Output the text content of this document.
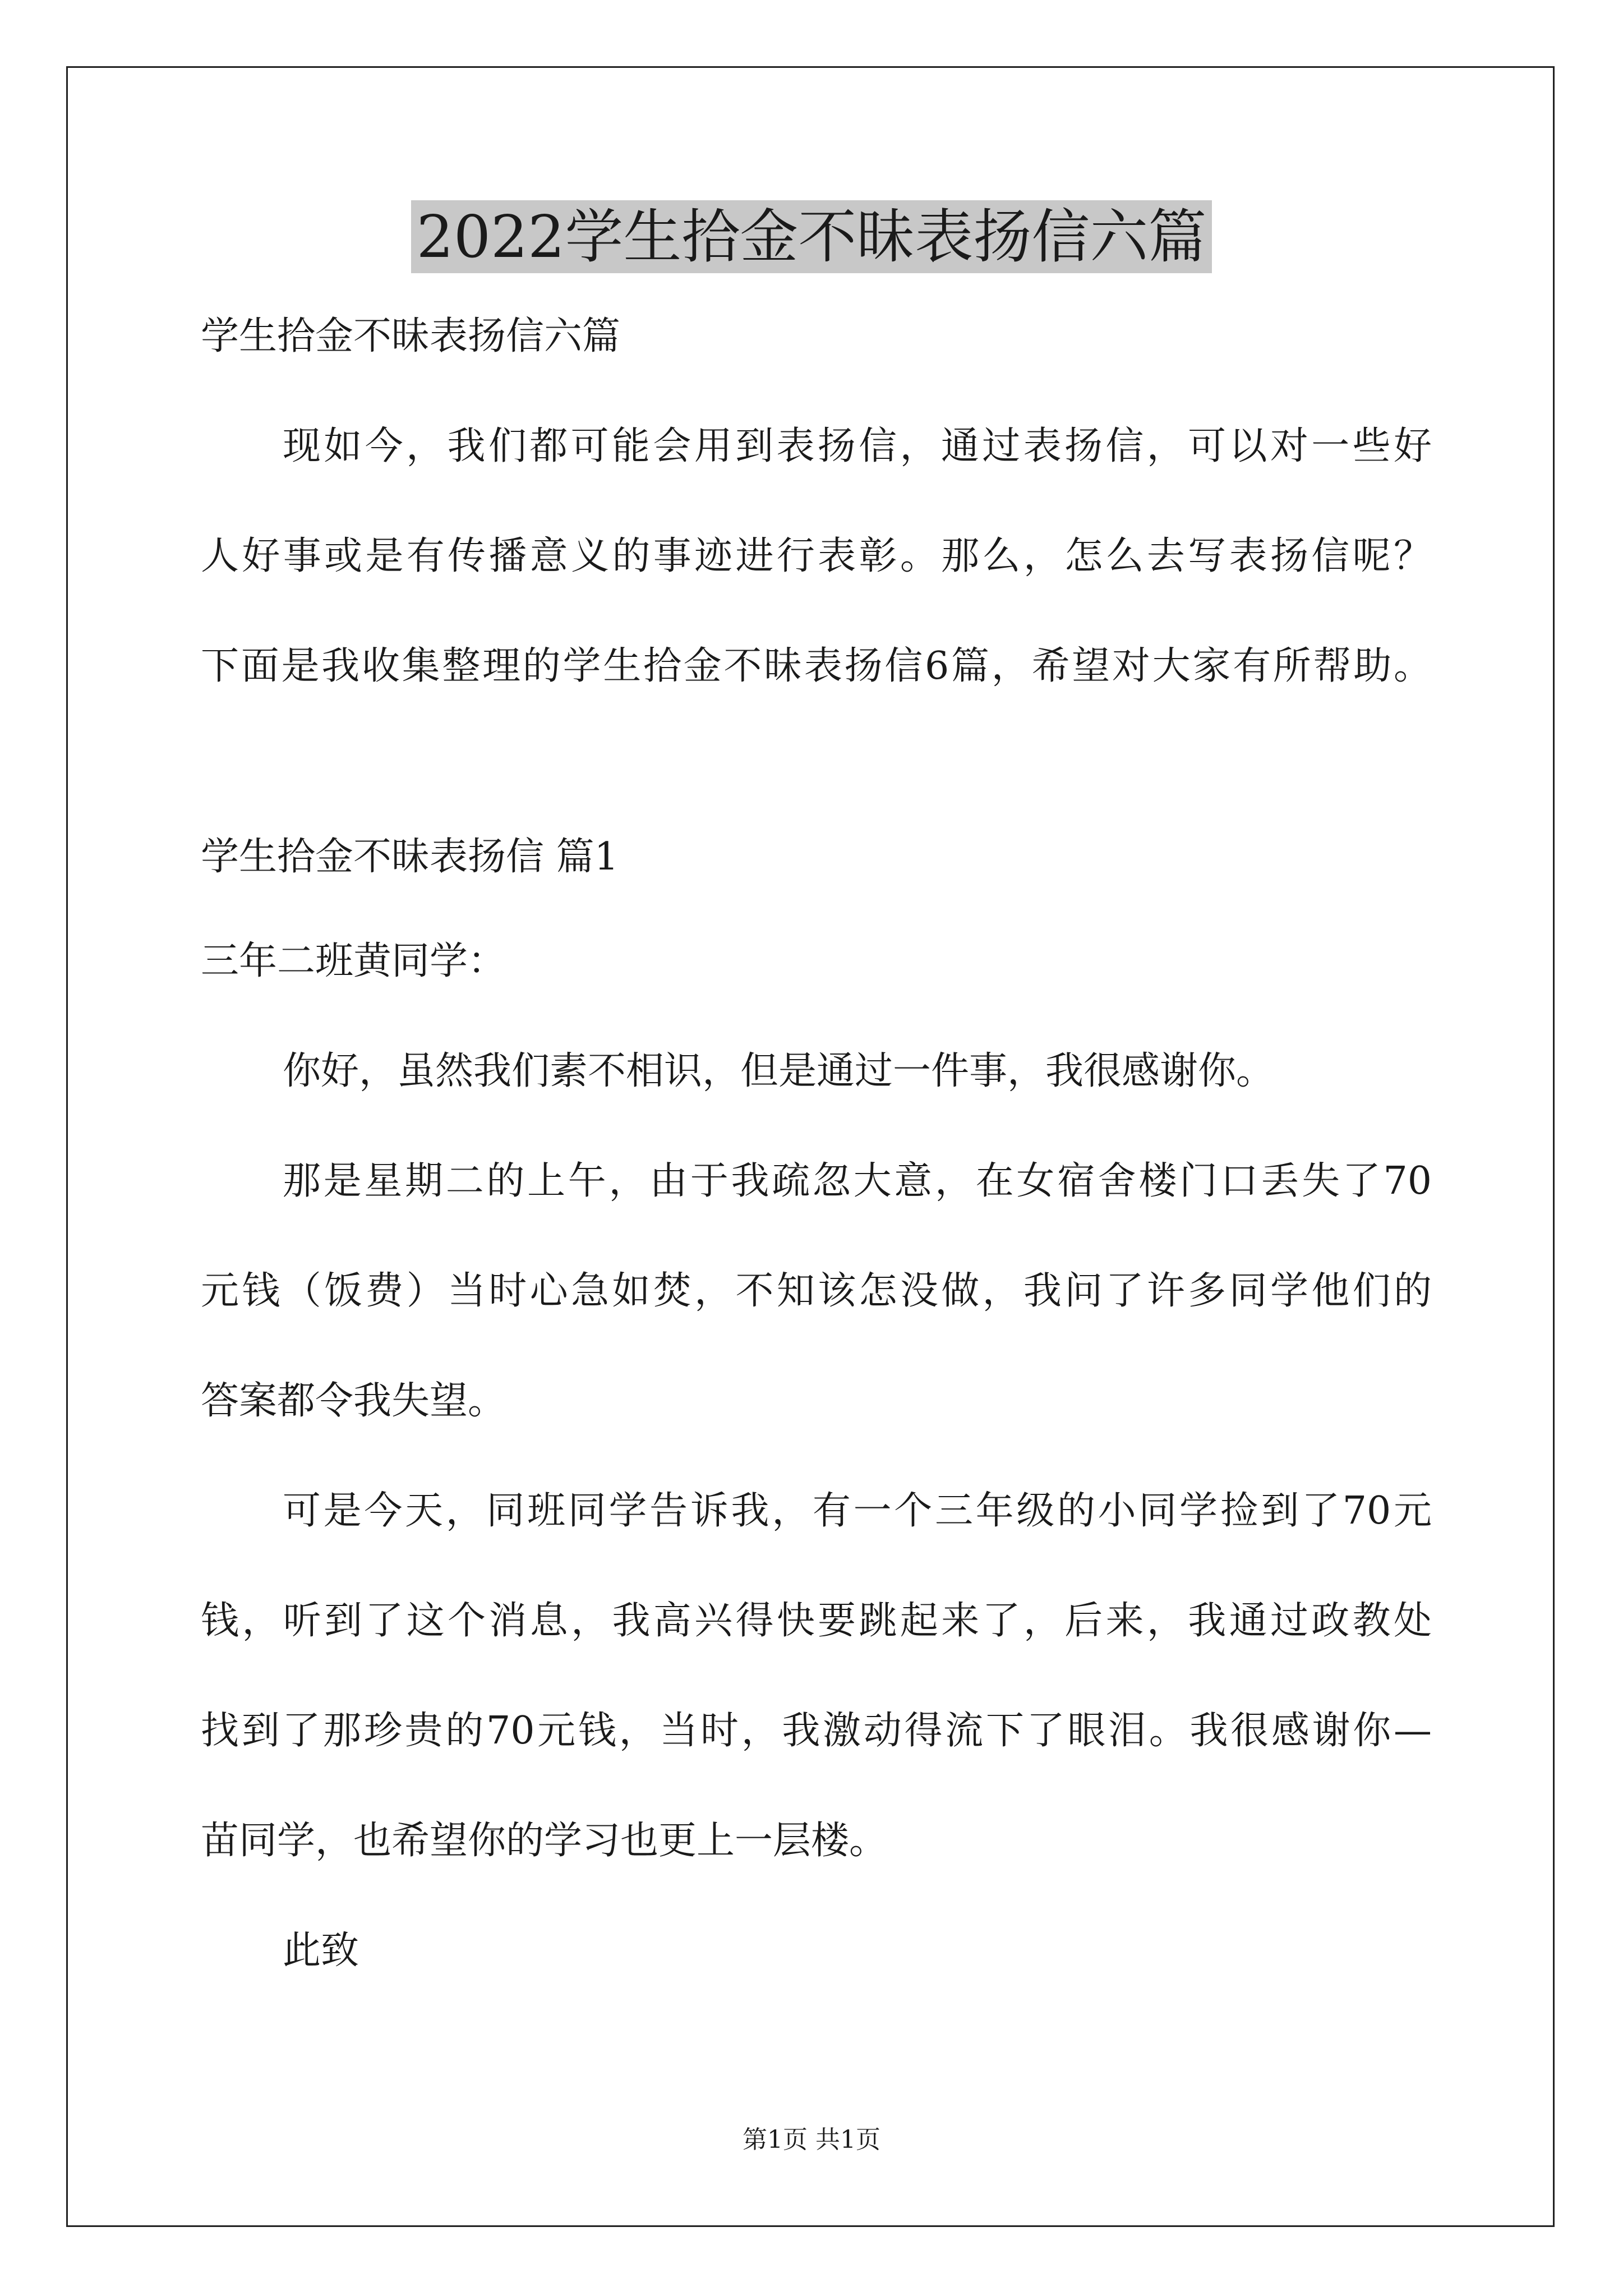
2022学生拾金不昧表扬信六篇

学生拾金不昧表扬信六篇

现如今，我们都可能会用到表扬信，通过表扬信，可以对一些好

人好事或是有传播意义的事迹进行表彰。那么，怎么去写表扬信呢？

下面是我收集整理的学生拾金不昧表扬信6篇，希望对大家有所帮助。

学生拾金不昧表扬信 篇1

三年二班黄同学：

你好，虽然我们素不相识，但是通过一件事，我很感谢你。

那是星期二的上午，由于我疏忽大意，在女宿舍楼门口丢失了70

元钱（饭费）当时心急如焚，不知该怎没做，我问了许多同学他们的

答案都令我失望。

可是今天，同班同学告诉我，有一个三年级的小同学捡到了70元

钱，听到了这个消息，我高兴得快要跳起来了，后来，我通过政教处

找到了那珍贵的70元钱，当时，我激动得流下了眼泪。我很感谢你—

苗同学，也希望你的学习也更上一层楼。

此致

第1页 共1页
